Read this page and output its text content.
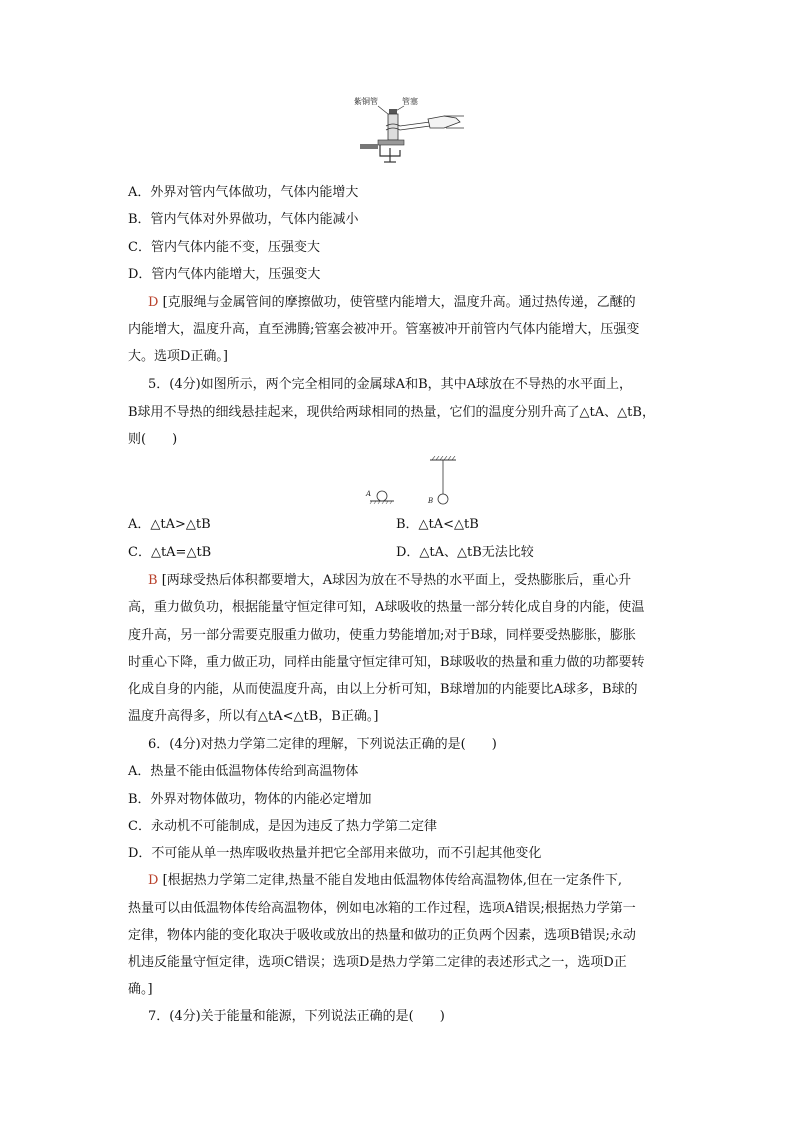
紫铜管	管塞
A．外界对管内气体做功，气体内能增大
B．管内气体对外界做功，气体内能减小
C．管内气体内能不变，压强变大
D．管内气体内能增大，压强变大
D [克服绳与金属管间的摩擦做功，使管壁内能增大，温度升高。通过热传递，乙醚的
内能增大，温度升高，直至沸腾;管塞会被冲开。管塞被冲开前管内气体内能增大，压强变
大。选项D正确。]
5．(4分)如图所示，两个完全相同的金属球A和B，其中A球放在不导热的水平面上，
B球用不导热的细线悬挂起来，现供给两球相同的热量，它们的温度分别升高了△tA、△tB，
则(　　)
B
A
A．△tA>△tB	B．△tA<△tB
C．△tA=△tB	D．△tA、△tB无法比较
B [两球受热后体积都要增大，A球因为放在不导热的水平面上，受热膨胀后，重心升
高，重力做负功，根据能量守恒定律可知，A球吸收的热量一部分转化成自身的内能，使温
度升高，另一部分需要克服重力做功，使重力势能增加;对于B球，同样要受热膨胀，膨胀
时重心下降，重力做正功，同样由能量守恒定律可知，B球吸收的热量和重力做的功都要转
化成自身的内能，从而使温度升高，由以上分析可知，B球增加的内能要比A球多，B球的
温度升高得多，所以有△tA<△tB，B正确。]
6．(4分)对热力学第二定律的理解，下列说法正确的是(　　)
A．热量不能由低温物体传给到高温物体
B．外界对物体做功，物体的内能必定增加
C．永动机不可能制成，是因为违反了热力学第二定律
D．不可能从单一热库吸收热量并把它全部用来做功，而不引起其他变化
D [根据热力学第二定律,热量不能自发地由低温物体传给高温物体,但在一定条件下,
热量可以由低温物体传给高温物体，例如电冰箱的工作过程，选项A错误;根据热力学第一
定律，物体内能的变化取决于吸收或放出的热量和做功的正负两个因素，选项B错误;永动
机违反能量守恒定律，选项C错误；选项D是热力学第二定律的表述形式之一，选项D正
确。]
7．(4分)关于能量和能源，下列说法正确的是(　　)
